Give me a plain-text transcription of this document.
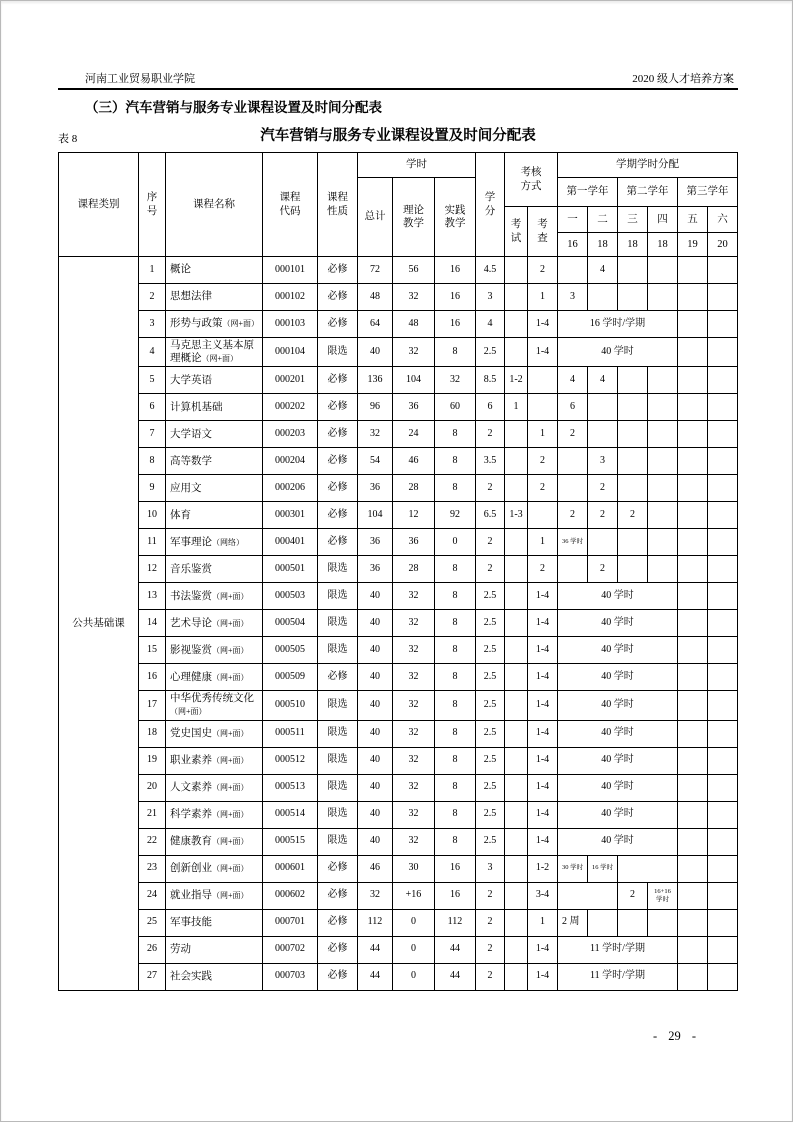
河南工业贸易职业学院	2020 级人才培养方案
（三）汽车营销与服务专业课程设置及时间分配表
表 8	汽车营销与服务专业课程设置及时间分配表
课程类别	序号	课程名称	课程代码	课程性质	学时			学分	考核方式		学期学时分配					
					总计	理论教学	实践教学				第一学年		第二学年		第三学年	
									考试	考查	一	二	三	四	五	六
											16	18	18	18	19	20
公共基础课	1	概论	000101	必修	72	56	16	4.5		2		4				
	2	思想法律	000102	必修	48	32	16	3		1	3					
	3	形势与政策（网+面）	000103	必修	64	48	16	4		1-4	16 学时/学期					
	4	马克思主义基本原理概论（网+面）	000104	限选	40	32	8	2.5		1-4	40 学时					
	5	大学英语	000201	必修	136	104	32	8.5	1-2		4	4				
	6	计算机基础	000202	必修	96	36	60	6	1		6					
	7	大学语文	000203	必修	32	24	8	2		1	2					
	8	高等数学	000204	必修	54	46	8	3.5		2		3				
	9	应用文	000206	必修	36	28	8	2		2		2				
	10	体育	000301	必修	104	12	92	6.5	1-3		2	2	2			
	11	军事理论（网络）	000401	必修	36	36	0	2		1	36 学时					
	12	音乐鉴赏	000501	限选	36	28	8	2		2		2				
	13	书法鉴赏（网+面）	000503	限选	40	32	8	2.5		1-4	40 学时					
	14	艺术导论（网+面）	000504	限选	40	32	8	2.5		1-4	40 学时					
	15	影视鉴赏（网+面）	000505	限选	40	32	8	2.5		1-4	40 学时					
	16	心理健康（网+面）	000509	必修	40	32	8	2.5		1-4	40 学时					
	17	中华优秀传统文化（网+面）	000510	限选	40	32	8	2.5		1-4	40 学时					
	18	党史国史（网+面）	000511	限选	40	32	8	2.5		1-4	40 学时					
	19	职业素养（网+面）	000512	限选	40	32	8	2.5		1-4	40 学时					
	20	人文素养（网+面）	000513	限选	40	32	8	2.5		1-4	40 学时					
	21	科学素养（网+面）	000514	限选	40	32	8	2.5		1-4	40 学时					
	22	健康教育（网+面）	000515	限选	40	32	8	2.5		1-4	40 学时					
	23	创新创业（网+面）	000601	必修	46	30	16	3		1-2	30 学时	16 学时				
	24	就业指导（网+面）	000602	必修	32	+16	16	2		3-4			2	16+16 学时		
	25	军事技能	000701	必修	112	0	112	2		1	2 周					
	26	劳动	000702	必修	44	0	44	2		1-4	11 学时/学期					
	27	社会实践	000703	必修	44	0	44	2		1-4	11 学时/学期					
- 29 -
